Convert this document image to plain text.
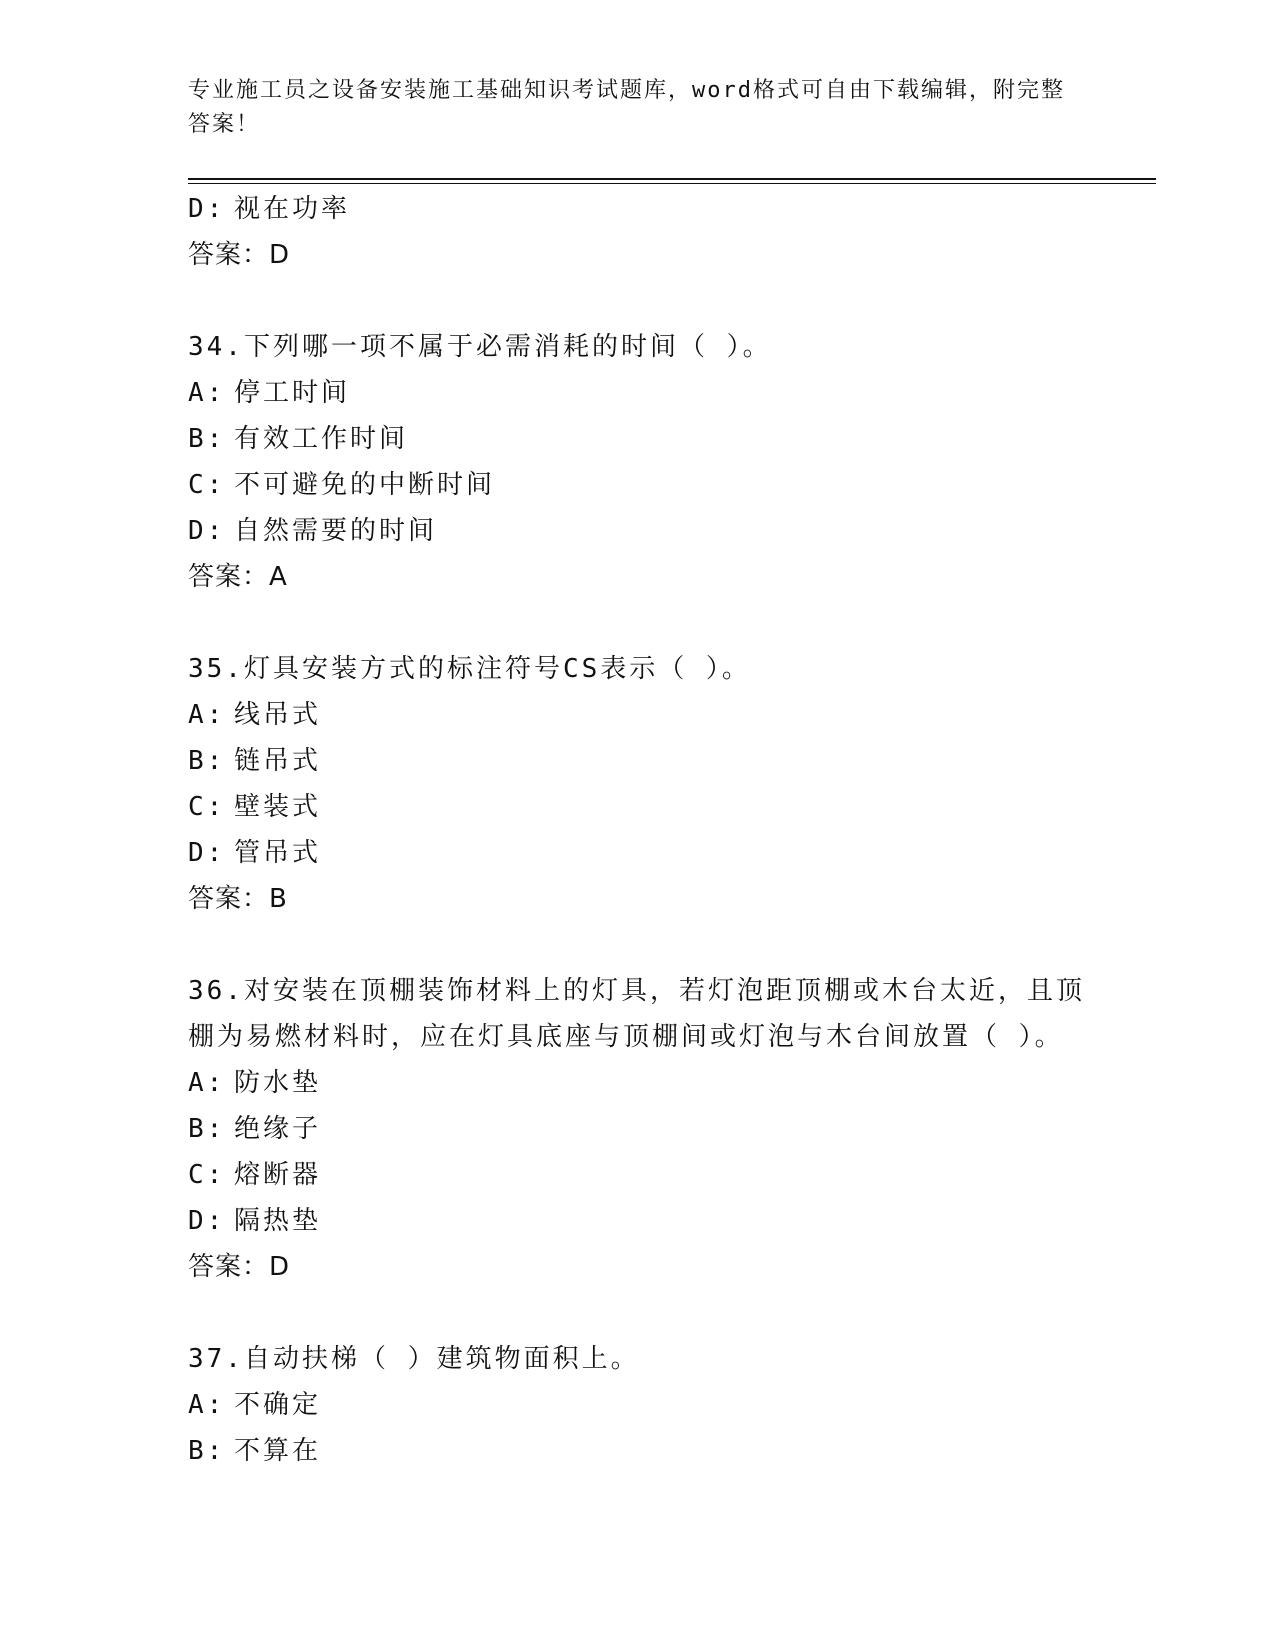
专业施工员之设备安装施工基础知识考试题库，word格式可自由下载编辑，附完整答案！
D: 视在功率
答案：D
34.下列哪一项不属于必需消耗的时间（ ）。
A: 停工时间
B: 有效工作时间
C: 不可避免的中断时间
D: 自然需要的时间
答案：A
35.灯具安装方式的标注符号CS表示（ ）。
A: 线吊式
B: 链吊式
C: 壁装式
D: 管吊式
答案：B
36.对安装在顶棚装饰材料上的灯具，若灯泡距顶棚或木台太近，且顶棚为易燃材料时，应在灯具底座与顶棚间或灯泡与木台间放置（ ）。
A: 防水垫
B: 绝缘子
C: 熔断器
D: 隔热垫
答案：D
37.自动扶梯（ ）建筑物面积上。
A: 不确定
B: 不算在
